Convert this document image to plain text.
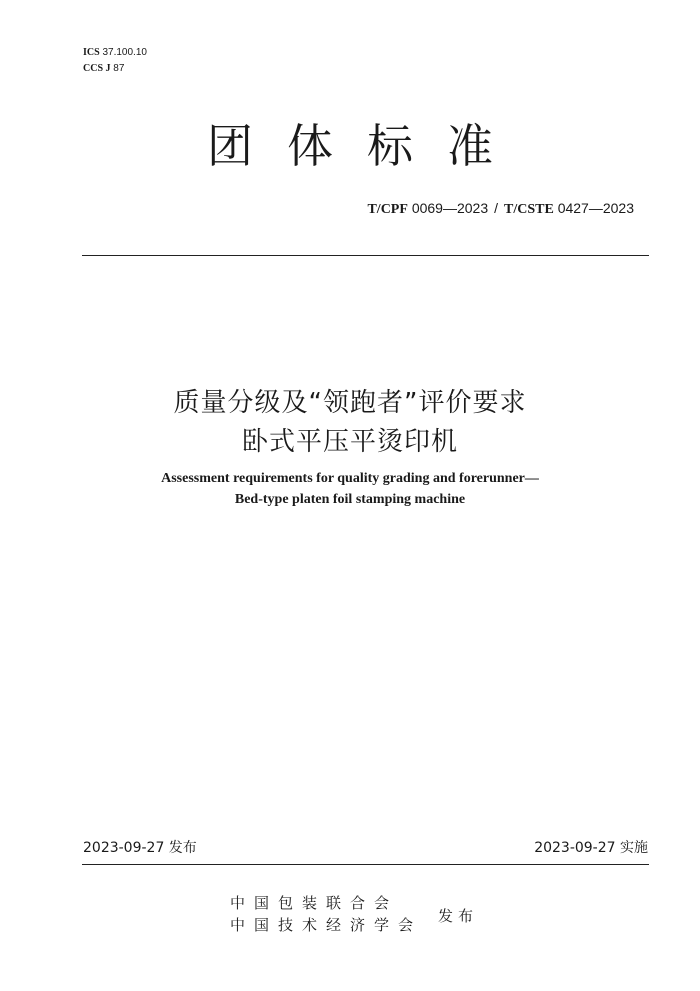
ICS 37.100.10
CCS J 87
团体标准
T/CPF 0069—2023 / T/CSTE 0427—2023
质量分级及“领跑者”评价要求
卧式平压平烫印机
Assessment requirements for quality grading and forerunner—
Bed-type platen foil stamping machine
2023-09-27 发布	2023-09-27 实施
中国包装联合会
中国技术经济学会 发布
